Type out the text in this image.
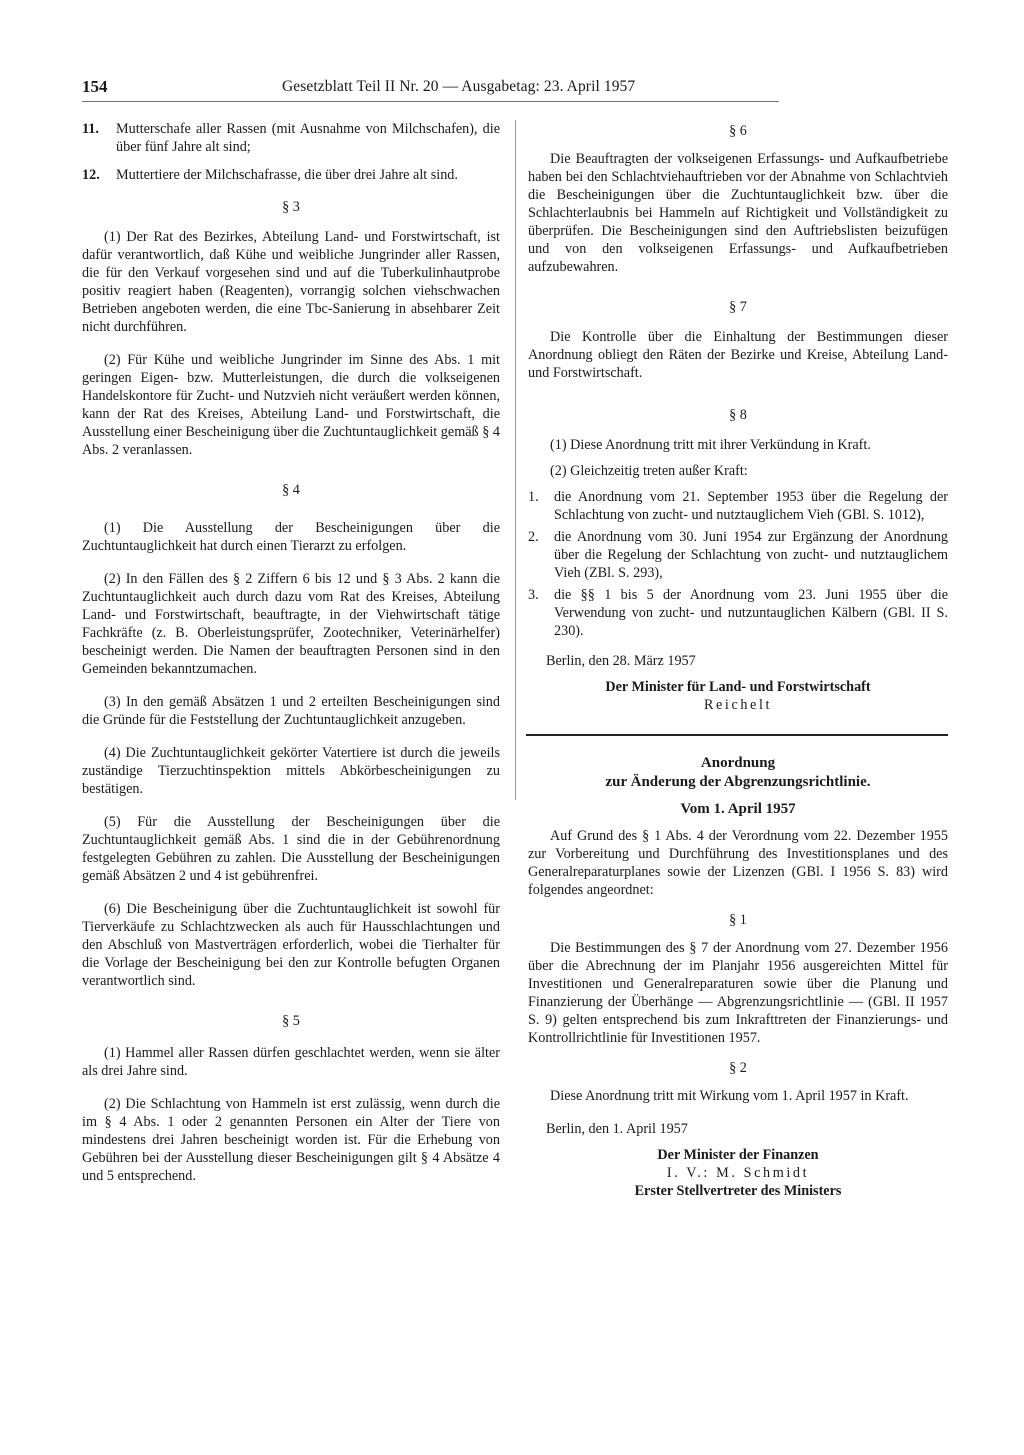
154	Gesetzblatt Teil II Nr. 20 — Ausgabetag: 23. April 1957
11.	Mutterschafe aller Rassen (mit Ausnahme von Milchschafen), die über fünf Jahre alt sind;
12.	Muttertiere der Milchschafrasse, die über drei Jahre alt sind.
§ 3

(1) Der Rat des Bezirkes, Abteilung Land- und Forstwirtschaft, ist dafür verantwortlich, daß Kühe und weibliche Jungrinder aller Rassen, die für den Verkauf vorgesehen sind und auf die Tuberkulinhautprobe positiv reagiert haben (Reagenten), vorrangig solchen viehschwachen Betrieben angeboten werden, die eine Tbc-Sanierung in absehbarer Zeit nicht durchführen.

(2) Für Kühe und weibliche Jungrinder im Sinne des Abs. 1 mit geringen Eigen- bzw. Mutterleistungen, die durch die volkseigenen Handelskontore für Zucht- und Nutzvieh nicht veräußert werden können, kann der Rat des Kreises, Abteilung Land- und Forstwirtschaft, die Ausstellung einer Bescheinigung über die Zuchtuntauglichkeit gemäß § 4 Abs. 2 veranlassen.

§ 4

(1) Die Ausstellung der Bescheinigungen über die Zuchtuntauglichkeit hat durch einen Tierarzt zu erfolgen.

(2) In den Fällen des § 2 Ziffern 6 bis 12 und § 3 Abs. 2 kann die Zuchtuntauglichkeit auch durch dazu vom Rat des Kreises, Abteilung Land- und Forstwirtschaft, beauftragte, in der Viehwirtschaft tätige Fachkräfte (z. B. Oberleistungsprüfer, Zootechniker, Veterinärhelfer) bescheinigt werden. Die Namen der beauftragten Personen sind in den Gemeinden bekanntzumachen.

(3) In den gemäß Absätzen 1 und 2 erteilten Bescheinigungen sind die Gründe für die Feststellung der Zuchtuntauglichkeit anzugeben.

(4) Die Zuchtuntauglichkeit gekörter Vatertiere ist durch die jeweils zuständige Tierzuchtinspektion mittels Abkörbescheinigungen zu bestätigen.

(5) Für die Ausstellung der Bescheinigungen über die Zuchtuntauglichkeit gemäß Abs. 1 sind die in der Gebührenordnung festgelegten Gebühren zu zahlen. Die Ausstellung der Bescheinigungen gemäß Absätzen 2 und 4 ist gebührenfrei.

(6) Die Bescheinigung über die Zuchtuntauglichkeit ist sowohl für Tierverkäufe zu Schlachtzwecken als auch für Hausschlachtungen und den Abschluß von Mastverträgen erforderlich, wobei die Tierhalter für die Vorlage der Bescheinigung bei den zur Kontrolle befugten Organen verantwortlich sind.

§ 5

(1) Hammel aller Rassen dürfen geschlachtet werden, wenn sie älter als drei Jahre sind.

(2) Die Schlachtung von Hammeln ist erst zulässig, wenn durch die im § 4 Abs. 1 oder 2 genannten Personen ein Alter der Tiere von mindestens drei Jahren bescheinigt worden ist. Für die Erhebung von Gebühren bei der Ausstellung dieser Bescheinigungen gilt § 4 Absätze 4 und 5 entsprechend.

§ 6

Die Beauftragten der volkseigenen Erfassungs- und Aufkaufbetriebe haben bei den Schlachtviehauftrieben vor der Abnahme von Schlachtvieh die Bescheinigungen über die Zuchtuntauglichkeit bzw. über die Schlachterlaubnis bei Hammeln auf Richtigkeit und Vollständigkeit zu überprüfen. Die Bescheinigungen sind den Auftriebslisten beizufügen und von den volkseigenen Erfassungs- und Aufkaufbetrieben aufzubewahren.

§ 7

Die Kontrolle über die Einhaltung der Bestimmungen dieser Anordnung obliegt den Räten der Bezirke und Kreise, Abteilung Land- und Forstwirtschaft.

§ 8

(1) Diese Anordnung tritt mit ihrer Verkündung in Kraft.

(2) Gleichzeitig treten außer Kraft:

1.	die Anordnung vom 21. September 1953 über die Regelung der Schlachtung von zucht- und nutztauglichem Vieh (GBl. S. 1012),
2.	die Anordnung vom 30. Juni 1954 zur Ergänzung der Anordnung über die Regelung der Schlachtung von zucht- und nutztauglichem Vieh (ZBl. S. 293),
3.	die §§ 1 bis 5 der Anordnung vom 23. Juni 1955 über die Verwendung von zucht- und nutzuntauglichen Kälbern (GBl. II S. 230).

Berlin, den 28. März 1957

Der Minister für Land- und Forstwirtschaft

Reichelt

Anordnung

zur Änderung der Abgrenzungsrichtlinie.

Vom 1. April 1957

Auf Grund des § 1 Abs. 4 der Verordnung vom 22. Dezember 1955 zur Vorbereitung und Durchführung des Investitionsplanes und des Generalreparaturplanes sowie der Lizenzen (GBl. I 1956 S. 83) wird folgendes angeordnet:

§ 1

Die Bestimmungen des § 7 der Anordnung vom 27. Dezember 1956 über die Abrechnung der im Planjahr 1956 ausgereichten Mittel für Investitionen und Generalreparaturen sowie über die Planung und Finanzierung der Überhänge — Abgrenzungsrichtlinie — (GBl. II 1957 S. 9) gelten entsprechend bis zum Inkrafttreten der Finanzierungs- und Kontrollrichtlinie für Investitionen 1957.

§ 2

Diese Anordnung tritt mit Wirkung vom 1. April 1957 in Kraft.

Berlin, den 1. April 1957

Der Minister der Finanzen

I. V.: M. Schmidt

Erster Stellvertreter des Ministers
